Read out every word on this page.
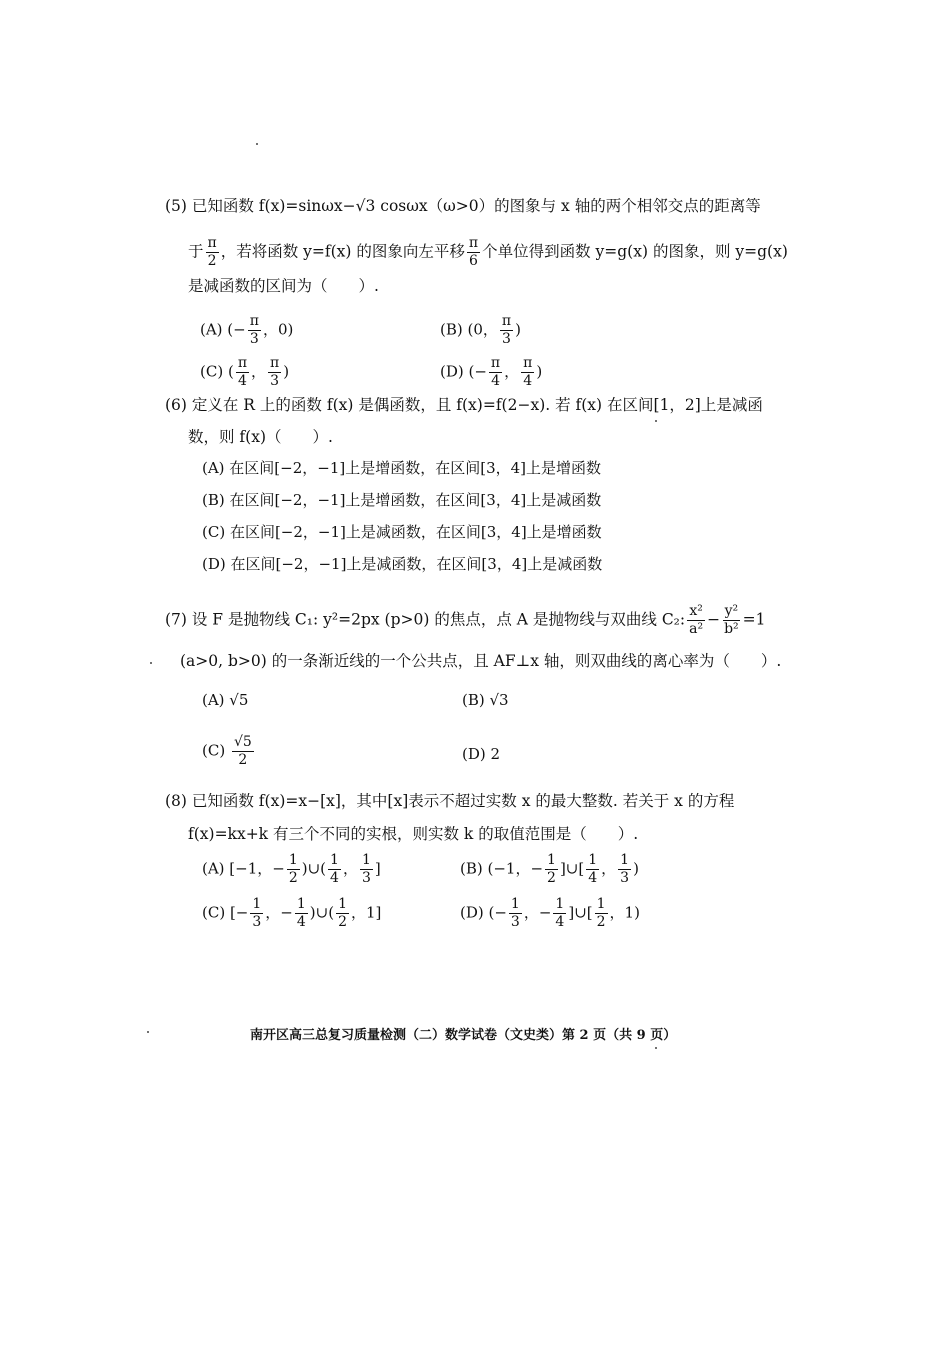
(5) 已知函数 f(x)=sinωx−√3 cosωx（ω>0）的图象与 x 轴的两个相邻交点的距离等
于 $\frac{\pi}{2}$ ，若将函数 y=f(x) 的图象向左平移 $\frac{\pi}{6}$ 个单位得到函数 y=g(x) 的图象，则 y=g(x)
是减函数的区间为（　　）.
(A) (− $\frac{\pi}{3}$ ，0)	(B) (0， $\frac{\pi}{3}$ )
(C) ( $\frac{\pi}{4}$ ， $\frac{\pi}{3}$ )	(D) (− $\frac{\pi}{4}$ ， $\frac{\pi}{4}$ )
(6) 定义在 R 上的函数 f(x) 是偶函数，且 f(x)=f(2−x). 若 f(x) 在区间[1，2]上是减函
数，则 f(x)（　　）.
(A) 在区间[−2，−1]上是增函数，在区间[3，4]上是增函数
(B) 在区间[−2，−1]上是增函数，在区间[3，4]上是减函数
(C) 在区间[−2，−1]上是减函数，在区间[3，4]上是增函数
(D) 在区间[−2，−1]上是减函数，在区间[3，4]上是减函数
(7) 设 F 是抛物线 C₁: y²=2px (p>0) 的焦点，点 A 是抛物线与双曲线 C₂: $\frac{\text{x²}}{\text{a²}} - \frac{\text{y²}}{\text{b²}} =1$
(a>0, b>0) 的一条渐近线的一个公共点，且 AF⊥x 轴，则双曲线的离心率为（　　）.
(A) √5	(B) √3
$(C) \frac{√5}{2}$	(D) 2
(8) 已知函数 f(x)=x−[x]，其中[x]表示不超过实数 x 的最大整数. 若关于 x 的方程
f(x)=kx+k 有三个不同的实根，则实数 k 的取值范围是（　　）.
(A) [−1，− $\frac{1}{2}$ )∪( $\frac{1}{4}$ ， $\frac{1}{3}$ ]	(B) (−1，− $\frac{1}{2}$ ]∪[ $\frac{1}{4}$ ， $\frac{1}{3}$ )
(C) [− $\frac{1}{3}$ ，− $\frac{1}{4}$ )∪( $\frac{1}{2}$ ，1]	(D) (− $\frac{1}{3}$ ，− $\frac{1}{4}$ ]∪[ $\frac{1}{2}$ ，1)
南开区高三总复习质量检测（二）数学试卷（文史类）第 2 页（共 9 页）
